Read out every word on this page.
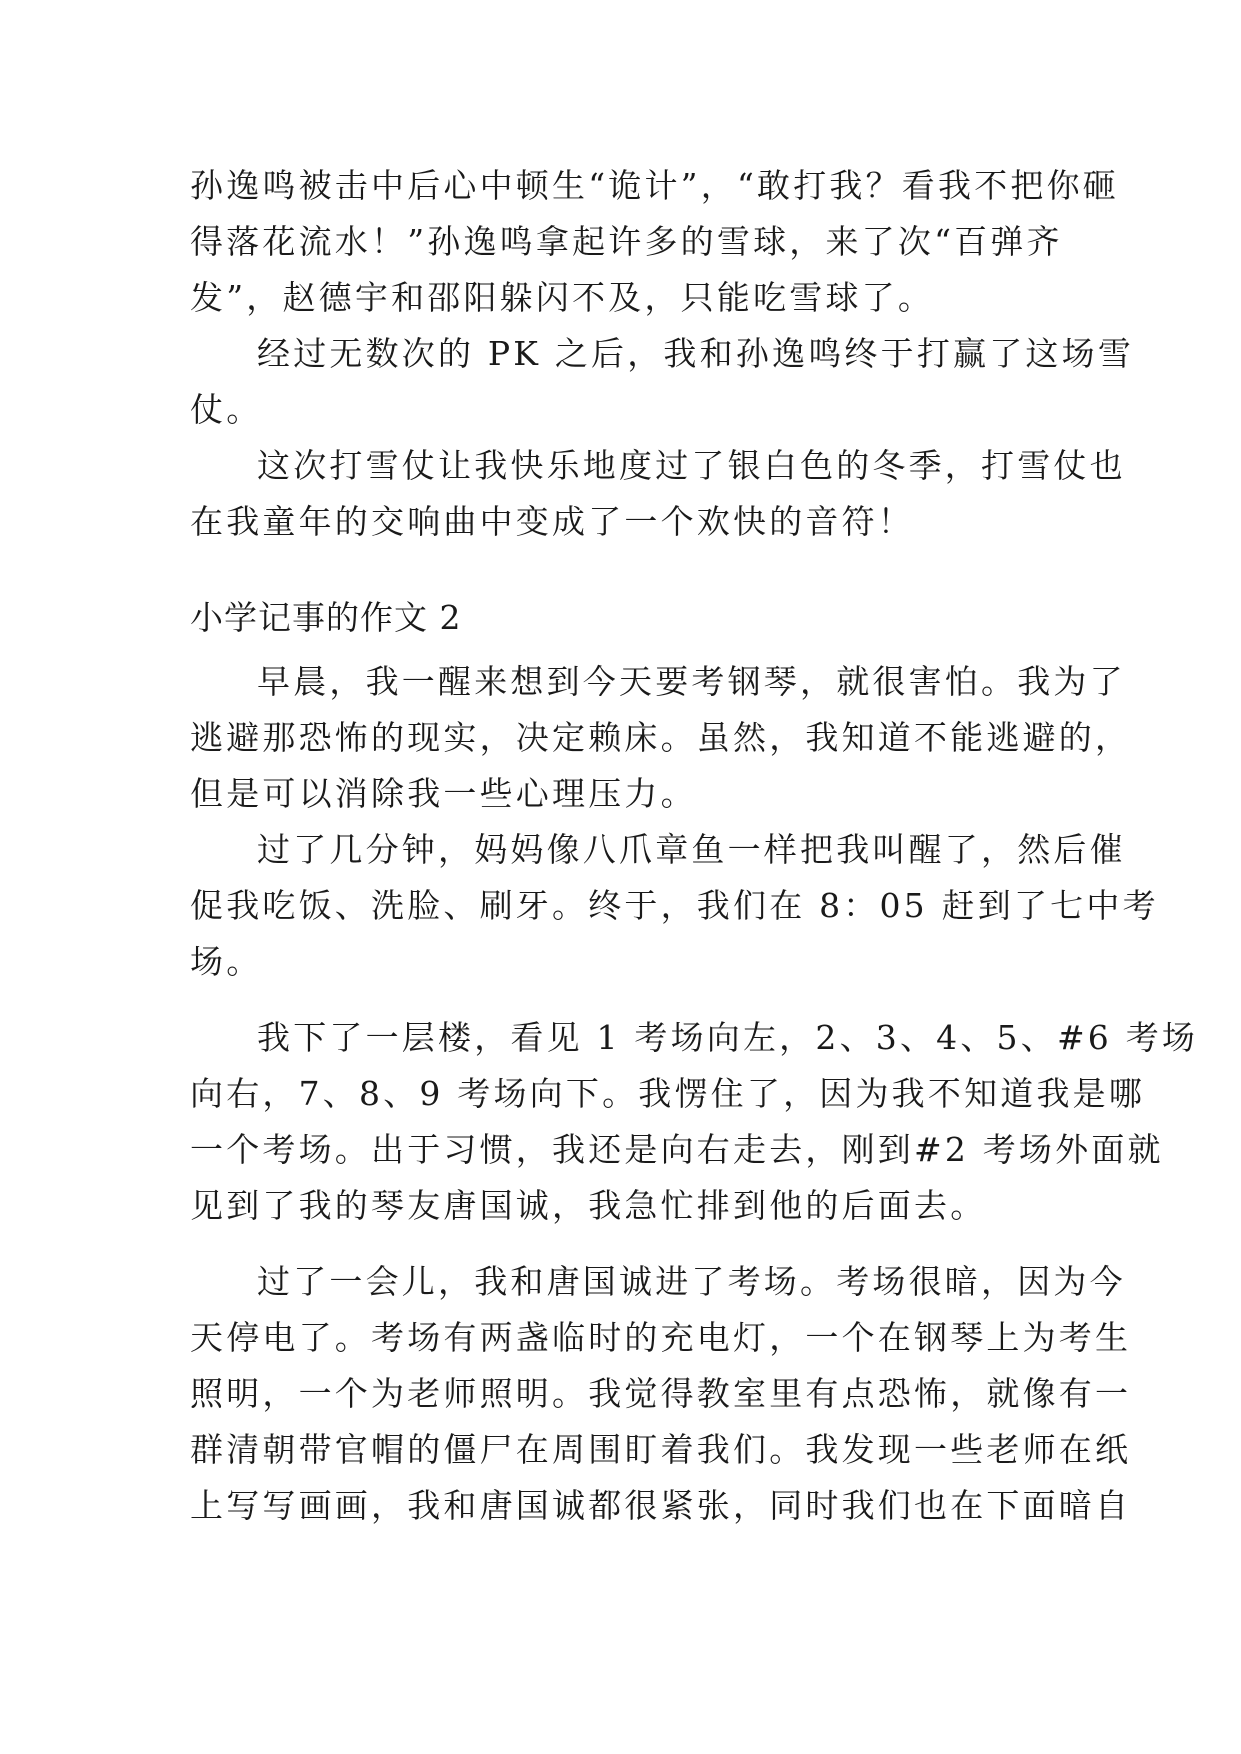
孙逸鸣被击中后心中顿生“诡计”，“敢打我？看我不把你砸
得落花流水！”孙逸鸣拿起许多的雪球，来了次“百弹齐
发”，赵德宇和邵阳躲闪不及，只能吃雪球了。
经过无数次的 PK 之后，我和孙逸鸣终于打赢了这场雪
仗。
这次打雪仗让我快乐地度过了银白色的冬季，打雪仗也
在我童年的交响曲中变成了一个欢快的音符！
小学记事的作文 2
早晨，我一醒来想到今天要考钢琴，就很害怕。我为了
逃避那恐怖的现实，决定赖床。虽然，我知道不能逃避的，
但是可以消除我一些心理压力。
过了几分钟，妈妈像八爪章鱼一样把我叫醒了，然后催
促我吃饭、洗脸、刷牙。终于，我们在 8：05 赶到了七中考
场。
我下了一层楼，看见 1 考场向左，2、3、4、5、#6 考场
向右，7、8、9 考场向下。我愣住了，因为我不知道我是哪
一个考场。出于习惯，我还是向右走去，刚到#2 考场外面就
见到了我的琴友唐国诚，我急忙排到他的后面去。
过了一会儿，我和唐国诚进了考场。考场很暗，因为今
天停电了。考场有两盏临时的充电灯，一个在钢琴上为考生
照明，一个为老师照明。我觉得教室里有点恐怖，就像有一
群清朝带官帽的僵尸在周围盯着我们。我发现一些老师在纸
上写写画画，我和唐国诚都很紧张，同时我们也在下面暗自
